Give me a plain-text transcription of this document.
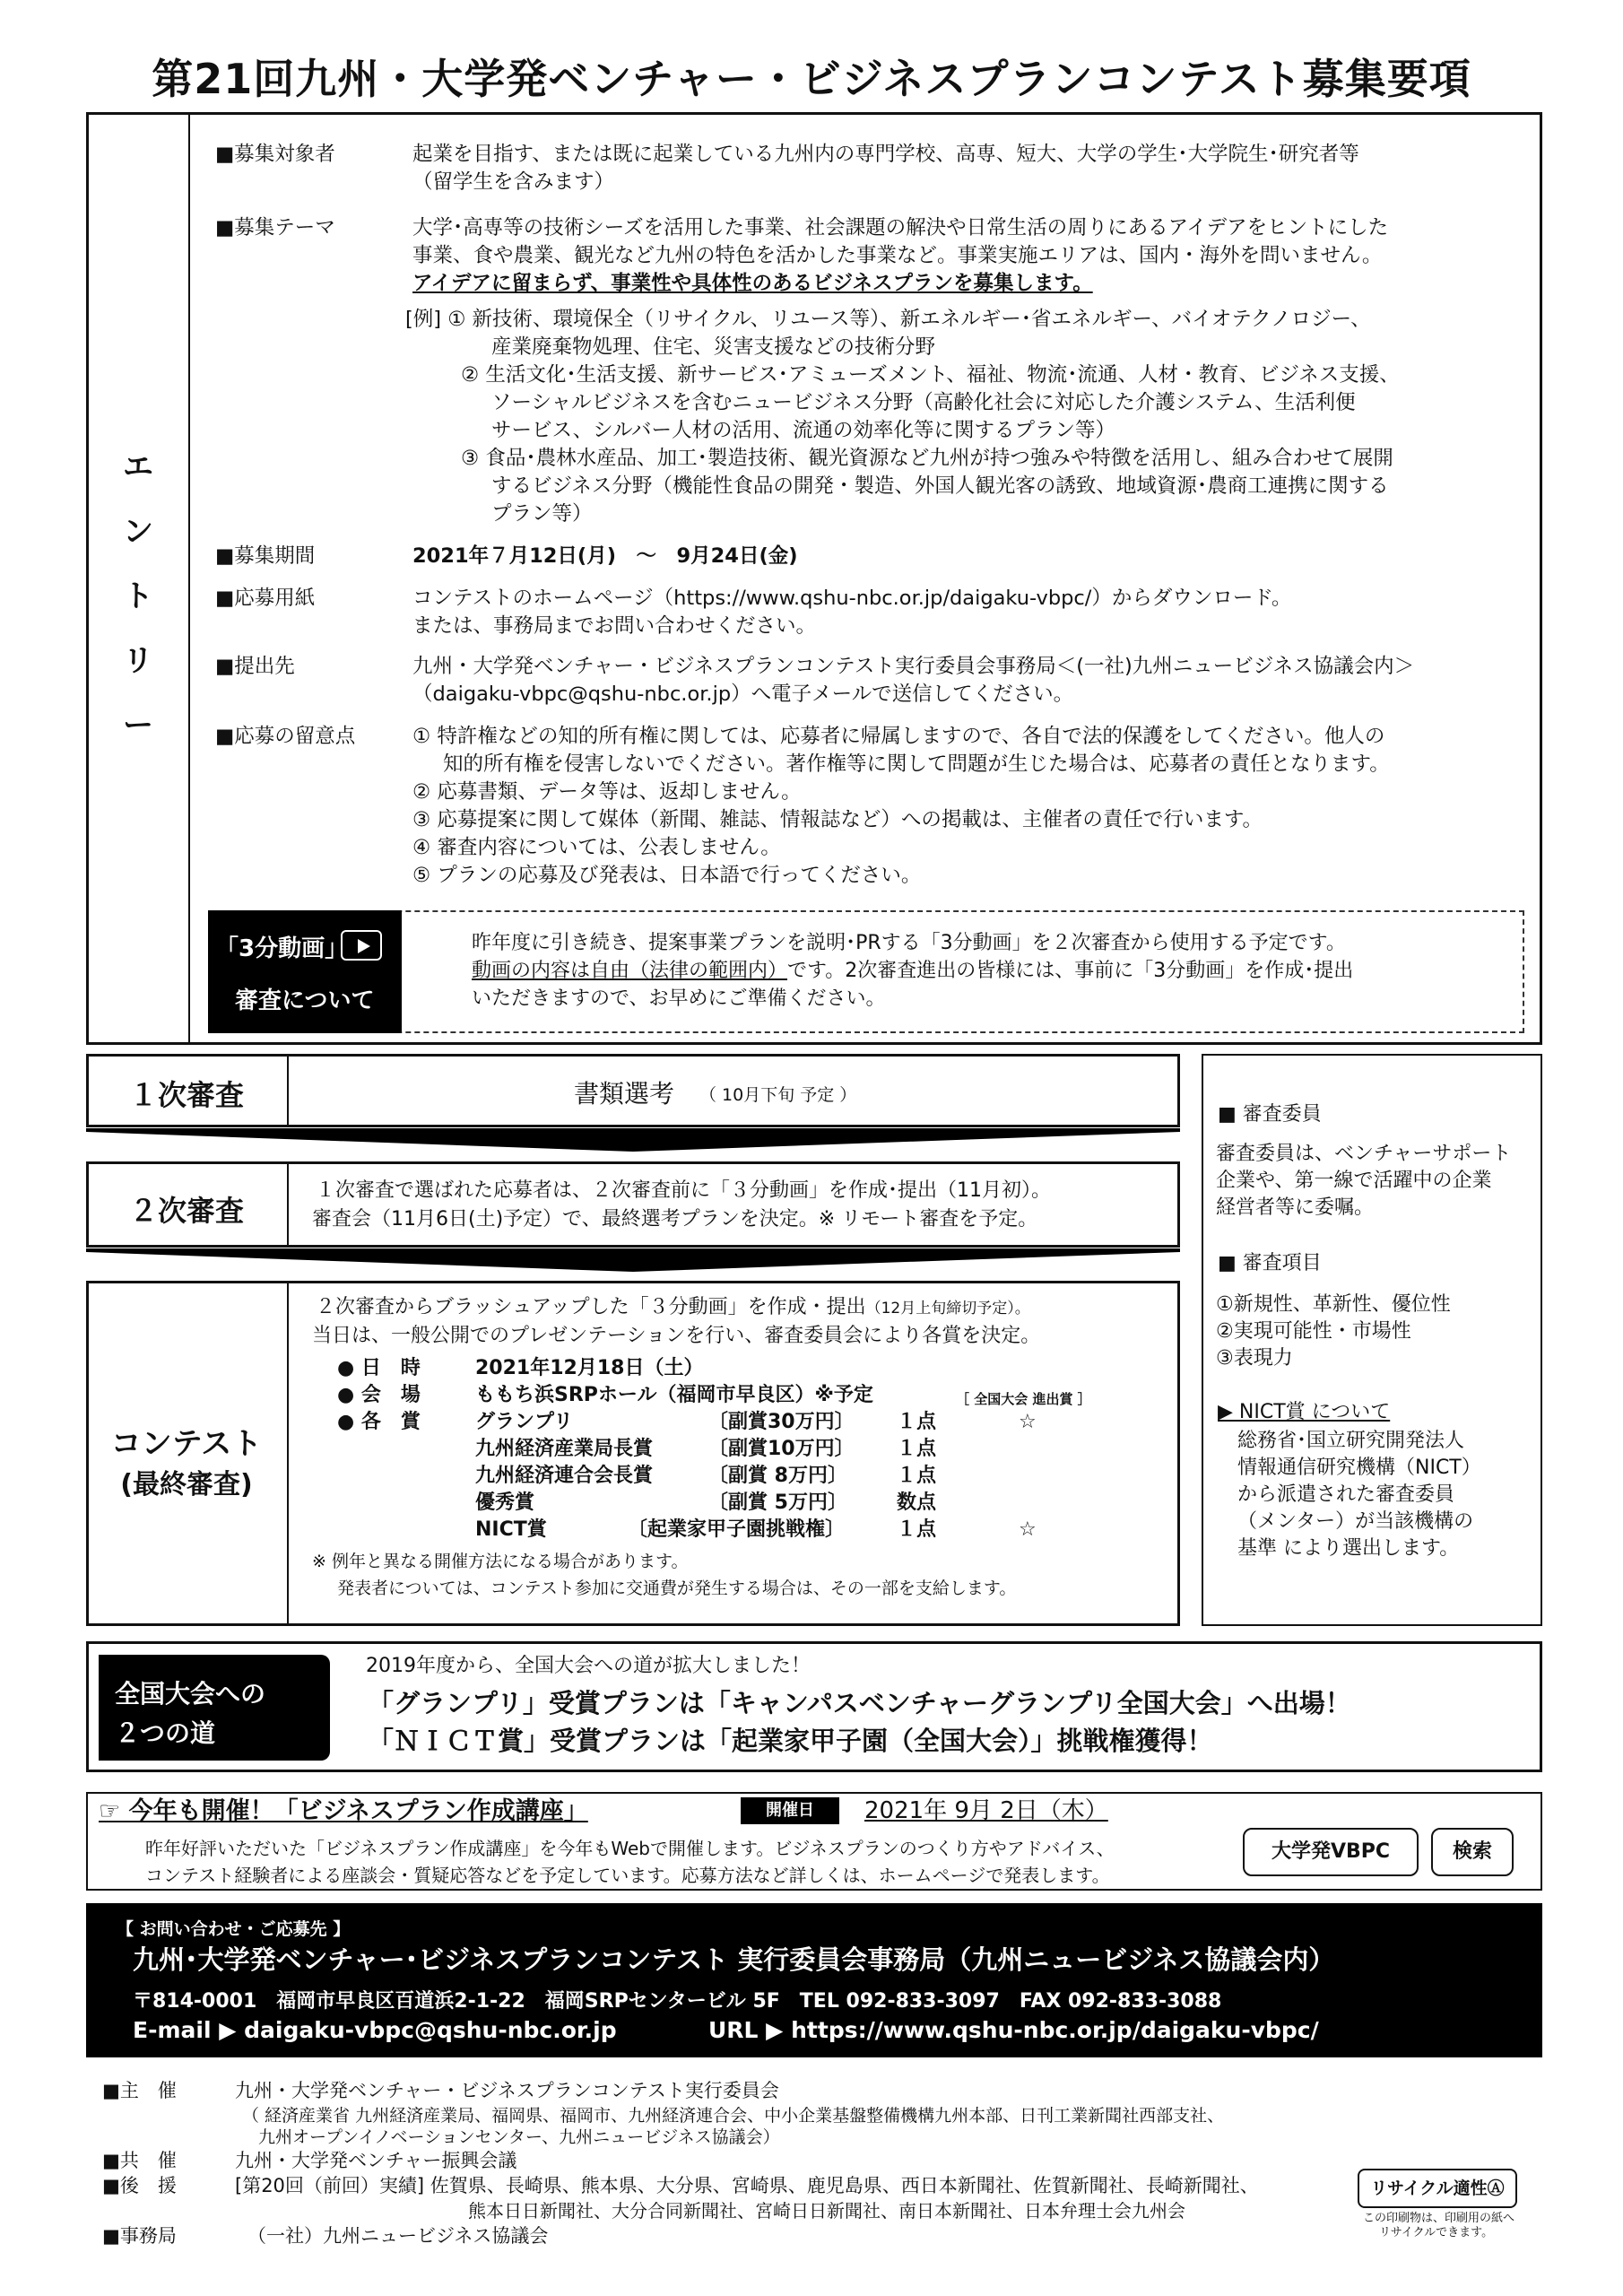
第21回九州・大学発ベンチャー・ビジネスプランコンテスト募集要項
エ
ン
ト
リ
ー
■募集対象者	起業を目指す、または既に起業している九州内の専門学校、高専、短大、大学の学生･大学院生･研究者等
（留学生を含みます）
■募集テーマ	大学･高専等の技術シーズを活用した事業、社会課題の解決や日常生活の周りにあるアイデアをヒントにした
事業、食や農業、観光など九州の特色を活かした事業など。事業実施エリアは、国内・海外を問いません。
アイデアに留まらず、事業性や具体性のあるビジネスプランを募集します。
[例] ① 新技術、環境保全（リサイクル、リユース等）、新エネルギー･省エネルギー、バイオテクノロジー、
産業廃棄物処理、住宅、災害支援などの技術分野
② 生活文化･生活支援、新サービス･アミューズメント、福祉、物流･流通、人材・教育、ビジネス支援、
ソーシャルビジネスを含むニュービジネス分野（高齢化社会に対応した介護システム、生活利便
サービス、シルバー人材の活用、流通の効率化等に関するプラン等）
③ 食品･農林水産品、加工･製造技術、観光資源など九州が持つ強みや特徴を活用し、組み合わせて展開
するビジネス分野（機能性食品の開発・製造、外国人観光客の誘致、地域資源･農商工連携に関する
プラン等）
■募集期間	2021年７月12日(月)　～　9月24日(金)
■応募用紙	コンテストのホームページ（https://www.qshu-nbc.or.jp/daigaku-vbpc/）からダウンロード。
または、事務局までお問い合わせください。
■提出先	九州・大学発ベンチャー・ビジネスプランコンテスト実行委員会事務局＜(一社)九州ニュービジネス協議会内＞
（daigaku-vbpc@qshu-nbc.or.jp）へ電子メールで送信してください。
■応募の留意点	① 特許権などの知的所有権に関しては、応募者に帰属しますので、各自で法的保護をしてください。他人の
知的所有権を侵害しないでください。著作権等に関して問題が生じた場合は、応募者の責任となります。
② 応募書類、データ等は、返却しません。
③ 応募提案に関して媒体（新聞、雑誌、情報誌など）への掲載は、主催者の責任で行います。
④ 審査内容については、公表しません。
⑤ プランの応募及び発表は、日本語で行ってください。
「3分動画」
審査について
昨年度に引き続き、提案事業プランを説明･PRする「3分動画」を２次審査から使用する予定です。
動画の内容は自由（法律の範囲内）です。2次審査進出の皆様には、事前に「3分動画」を作成･提出
いただきますので、お早めにご準備ください。
１次審査	書類選考 （ 10月下旬 予定 ）
２次審査
１次審査で選ばれた応募者は、２次審査前に「３分動画」を作成･提出（11月初）。
審査会（11月6日(土)予定）で、最終選考プランを決定。※ リモート審査を予定。
コンテスト
(最終審査)
２次審査からブラッシュアップした「３分動画」を作成・提出（12月上旬締切予定）。
当日は、一般公開でのプレゼンテーションを行い、審査委員会により各賞を決定。
● 日　時	2021年12月18日（土）
● 会　場	ももち浜SRPホール（福岡市早良区）※予定	［ 全国大会 進出賞 ］
● 各　賞	グランプリ	〔副賞30万円〕 １点	☆
九州経済産業局長賞	〔副賞10万円〕 １点
九州経済連合会長賞	〔副賞 8万円〕	１点
優秀賞	〔副賞 5万円〕	数点
NICT賞	〔起業家甲子園挑戦権〕	１点	☆
※ 例年と異なる開催方法になる場合があります。
発表者については、コンテスト参加に交通費が発生する場合は、その一部を支給します。
■ 審査委員
審査委員は、ベンチャーサポート
企業や、第一線で活躍中の企業
経営者等に委嘱。
■ 審査項目
①新規性、革新性、優位性
②実現可能性・市場性
③表現力
▶ NICT賞 について
総務省･国立研究開発法人
情報通信研究機構（NICT）
から派遣された審査委員
（メンター）が当該機構の
基準 により選出します。
全国大会への
２つの道
2019年度から、全国大会への道が拡大しました！
「グランプリ」受賞プランは「キャンパスベンチャーグランプリ全国大会」へ出場！
「ＮＩＣＴ賞」受賞プランは「起業家甲子園（全国大会）」挑戦権獲得！
☞ 今年も開催！「ビジネスプラン作成講座」	開催日	2021年 9月 2日（木）
昨年好評いただいた「ビジネスプラン作成講座」を今年もWebで開催します。ビジネスプランのつくり方やアドバイス、
コンテスト経験者による座談会・質疑応答などを予定しています。応募方法など詳しくは、ホームページで発表します。
大学発VBPC	検索
【 お問い合わせ・ご応募先 】
九州･大学発ベンチャー･ビジネスプランコンテスト 実行委員会事務局（九州ニュービジネス協議会内）
〒814-0001　福岡市早良区百道浜2-1-22　福岡SRPセンタービル 5F　TEL 092-833-3097　FAX 092-833-3088
E-mail ▶ daigaku-vbpc@qshu-nbc.or.jp	URL ▶ https://www.qshu-nbc.or.jp/daigaku-vbpc/
■主　催	九州・大学発ベンチャー・ビジネスプランコンテスト実行委員会
（ 経済産業省 九州経済産業局、福岡県、福岡市、九州経済連合会、中小企業基盤整備機構九州本部、日刊工業新聞社西部支社、
九州オープンイノベーションセンター、九州ニュービジネス協議会）
■共　催	九州・大学発ベンチャー振興会議
■後　援	[第20回（前回）実績] 佐賀県、長崎県、熊本県、大分県、宮崎県、鹿児島県、西日本新聞社、佐賀新聞社、長崎新聞社、
熊本日日新聞社、大分合同新聞社、宮崎日日新聞社、南日本新聞社、日本弁理士会九州会
■事務局	（一社）九州ニュービジネス協議会
リサイクル適性Ⓐ
この印刷物は、印刷用の紙へ
リサイクルできます。
